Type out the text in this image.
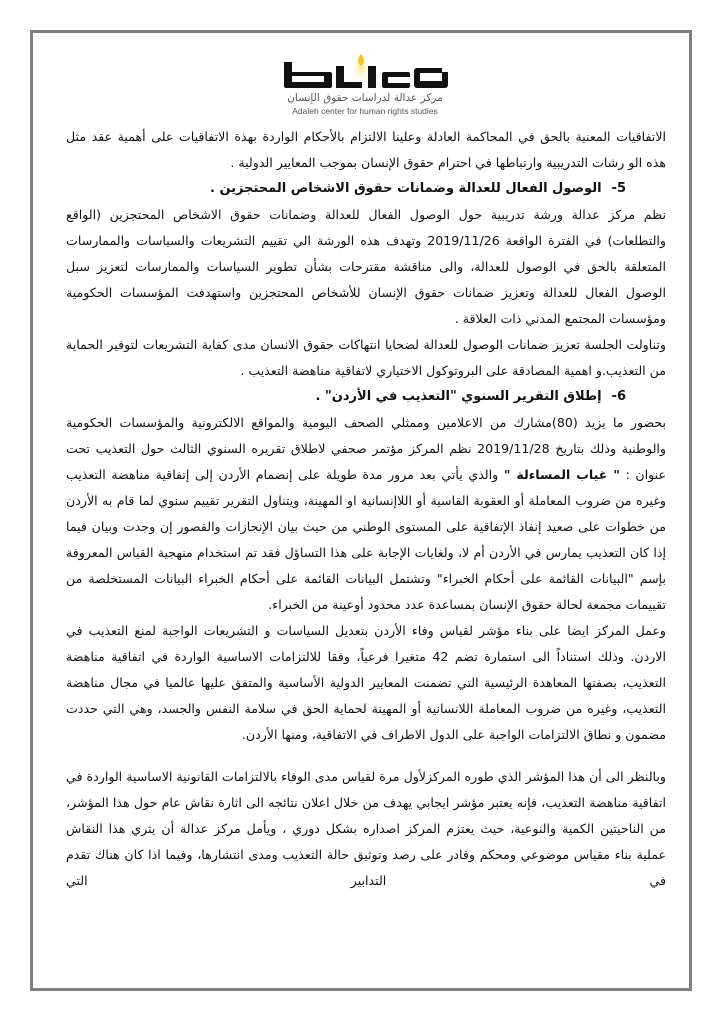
مركز عدالة لدراسات حقوق الإنسان
Adaleh center for human rights studies

الاتفاقيات المعنية بالحق في المحاكمة العادلة وعلينا الالتزام بالأحكام الواردة بهذة الاتفاقيات على أهمية عقد مثل هذه الو رشات التدريبية وارتباطها في احترام حقوق الإنسان بموجب المعايير الدولية .

5-الوصول الفعال للعدالة وضمانات حقوق الاشخاص المحتجزين .

نظم مركز عدالة ورشة تدريبية حول الوصول الفعال للعدالة وضمانات حقوق الاشخاص المحتجزين (الواقع والتطلعات) في الفترة الواقعة 2019/11/26 وتهدف هذه الورشة الي تقييم التشريعات والسياسات والممارسات المتعلقة بالحق في الوصول للعدالة، والى مناقشة مقترحات بشأن تطوير السياسات والممارسات لتعزيز سبل الوصول الفعال للعدالة وتعزيز ضمانات حقوق الإنسان للأشخاص المحتجزين واستهدفت المؤسسات الحكومية ومؤسسات المجتمع المدني ذات العلاقة .

وتناولت الجلسة تعزيز ضمانات الوصول للعدالة لضحايا انتهاكات حقوق الانسان مدى كفاية التشريعات لتوفير الحماية من التعذيب.و اهمية المصادقة على البروتوكول الاختياري لاتفاقية مناهضة التعذيب .

6-إطلاق التقرير السنوي "التعذيب في الأردن" .

بحضور ما يزيد (80)مشارك من الاعلامين وممثلي الصحف اليومية والمواقع الالكترونية والمؤسسات الحكومية والوطنية وذلك بتاريخ 2019/11/28 نظم المركز مؤتمر صحفي لاطلاق تقريره السنوي الثالث حول التعذيب تحت عنوان : " غياب المساءلة " والذي يأتي بعد مرور مدة طويلة على إنضمام الأردن إلى إتفاقية مناهضة التعذيب وغيره من ضروب المعاملة أو العقوبة القاسية أو اللاإنسانية او المهينة، ويتناول التقرير تقييم سنوي لما قام به الأردن من خطوات على صعيد إنفاذ الإتفاقية على المستوى الوطني من حيث بيان الإنجازات والقصور إن وجدت وبيان فيما إذا كان التعذيب يمارس في الأردن أم لا، ولغايات الإجابة على هذا التساؤل فقد تم استخدام منهجية القياس المعروفة بإسم "البيانات القائمة على أحكام الخبراء" وتشتمل البيانات القائمة على أحكام الخبراء البيانات المستخلصة من تقييمات مجمعة لحالة حقوق الإنسان بمساعدة عدد محدود أوعينة من الخبراء.

وعمل المركز ايضا على بناء مؤشر لقياس وفاء الأردن بتعديل السياسات و التشريعات الواجبة لمنع التعذيب في الاردن. وذلك استناداً الى استمارة تضم 42 متغيرا فرعياً، وفقا للالتزامات الاساسية الواردة في اتفاقية مناهضة التعذيب، بصفتها المعاهدة الرئيسية التي تضمنت المعايير الدولية الأساسية والمتفق عليها عالميا في مجال مناهضة التعذيب، وغيره من ضروب المعاملة اللانسانية أو المهينة لحماية الحق في سلامة النفس والجسد، وهي التي حددت مضمون و نطاق الالتزامات الواجبة على الدول الاطراف في الاتفاقية، ومنها الأردن.

وبالنظر الى أن هذا المؤشر الذي طوره المركزلأول مرة لقياس مدى الوفاء بالالتزامات القانونية الاساسية الواردة في اتفاقية مناهضة التعذيب، فإنه يعتبر مؤشر ايجابي يهدف من خلال اعلان نتائجه الى اثارة نقاش عام حول هذا المؤشر، من الناحيتين الكمية والنوعية، حيث يعتزم المركز اصداره بشكل دوري ، ويأمل مركز عدالة أن يثري هذا النقاش عملية بناء مقياس موضوعي ومحكم وقادر على رصد وتوثيق حالة التعذيب ومدى انتشارها، وفيما اذا كان هناك تقدم في التدابير التي
